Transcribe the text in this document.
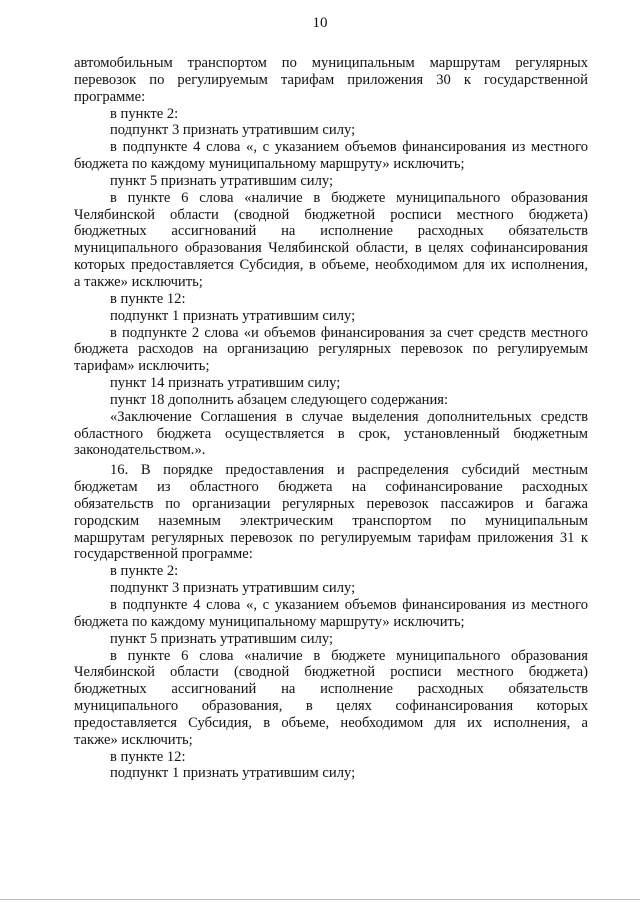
10
автомобильным транспортом по муниципальным маршрутам регулярных
перевозок по регулируемым тарифам приложения 30 к государственной
программе:
в пункте 2:
подпункт 3 признать утратившим силу;
в подпункте 4 слова «, с указанием объемов финансирования из местного
бюджета по каждому муниципальному маршруту» исключить;
пункт 5 признать утратившим силу;
в пункте 6 слова «наличие в бюджете муниципального образования
Челябинской области (сводной бюджетной росписи местного бюджета)
бюджетных ассигнований на исполнение расходных обязательств
муниципального образования Челябинской области, в целях софинансирования
которых предоставляется Субсидия, в объеме, необходимом для их исполнения,
а также» исключить;
в пункте 12:
подпункт 1 признать утратившим силу;
в подпункте 2 слова «и объемов финансирования за счет средств местного
бюджета расходов на организацию регулярных перевозок по регулируемым
тарифам» исключить;
пункт 14 признать утратившим силу;
пункт 18 дополнить абзацем следующего содержания:
«Заключение Соглашения в случае выделения дополнительных средств
областного бюджета осуществляется в срок, установленный бюджетным
законодательством.».
16. В порядке предоставления и распределения субсидий местным
бюджетам из областного бюджета на софинансирование расходных
обязательств по организации регулярных перевозок пассажиров и багажа
городским наземным электрическим транспортом по муниципальным
маршрутам регулярных перевозок по регулируемым тарифам приложения 31 к
государственной программе:
в пункте 2:
подпункт 3 признать утратившим силу;
в подпункте 4 слова «, с указанием объемов финансирования из местного
бюджета по каждому муниципальному маршруту» исключить;
пункт 5 признать утратившим силу;
в пункте 6 слова «наличие в бюджете муниципального образования
Челябинской области (сводной бюджетной росписи местного бюджета)
бюджетных ассигнований на исполнение расходных обязательств
муниципального образования, в целях софинансирования которых
предоставляется Субсидия, в объеме, необходимом для их исполнения, а
также» исключить;
в пункте 12:
подпункт 1 признать утратившим силу;
